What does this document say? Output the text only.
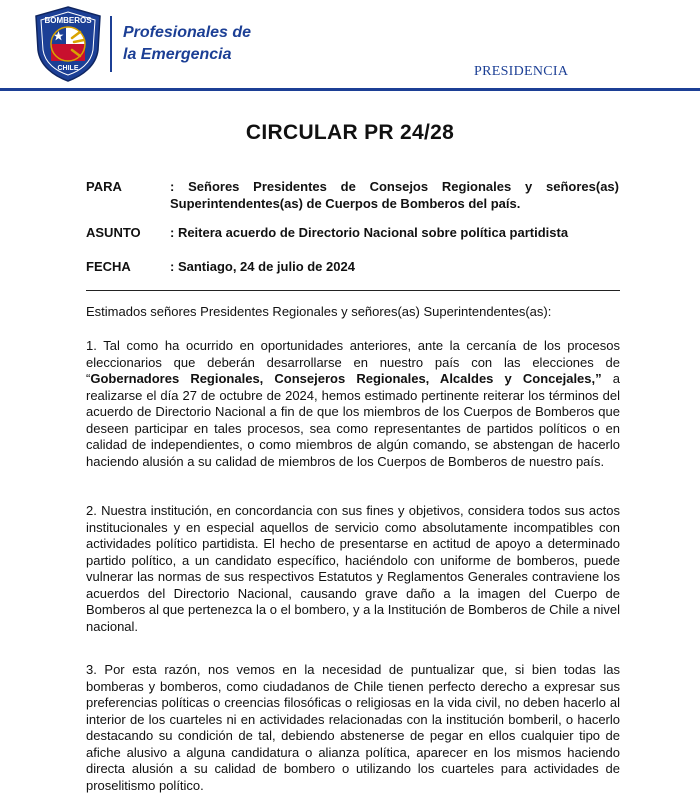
BOMBEROS
CHILE
Profesionales de
la Emergencia
PRESIDENCIA
CIRCULAR PR 24/28
PARA	: Señores Presidentes de Consejos Regionales y señores(as)
Superintendentes(as) de Cuerpos de Bomberos del país.
ASUNTO	: Reitera acuerdo de Directorio Nacional sobre política partidista
FECHA	: Santiago, 24 de julio de 2024
Estimados señores Presidentes Regionales y señores(as) Superintendentes(as):
1. Tal como ha ocurrido en oportunidades anteriores, ante la cercanía de los procesos eleccionarios que deberán desarrollarse en nuestro país con las elecciones de “Gobernadores Regionales, Consejeros Regionales, Alcaldes y Concejales,” a realizarse el día 27 de octubre de 2024, hemos estimado pertinente reiterar los términos del acuerdo de Directorio Nacional a fin de que los miembros de los Cuerpos de Bomberos que deseen participar en tales procesos, sea como representantes de partidos políticos o en calidad de independientes, o como miembros de algún comando, se abstengan de hacerlo haciendo alusión a su calidad de miembros de los Cuerpos de Bomberos de nuestro país.
2. Nuestra institución, en concordancia con sus fines y objetivos, considera todos sus actos institucionales y en especial aquellos de servicio como absolutamente incompatibles con actividades político partidista. El hecho de presentarse en actitud de apoyo a determinado partido político, a un candidato específico, haciéndolo con uniforme de bomberos, puede vulnerar las normas de sus respectivos Estatutos y Reglamentos Generales contraviene los acuerdos del Directorio Nacional, causando grave daño a la imagen del Cuerpo de Bomberos al que pertenezca la o el bombero, y a la Institución de Bomberos de Chile a nivel nacional.
3. Por esta razón, nos vemos en la necesidad de puntualizar que, si bien todas las bomberas y bomberos, como ciudadanos de Chile tienen perfecto derecho a expresar sus preferencias políticas o creencias filosóficas o religiosas en la vida civil, no deben hacerlo al interior de los cuarteles ni en actividades relacionadas con la institución bomberil, o hacerlo destacando su condición de tal, debiendo abstenerse de pegar en ellos cualquier tipo de afiche alusivo a alguna candidatura o alianza política, aparecer en los mismos haciendo directa alusión a su calidad de bombero o utilizando los cuarteles para actividades de proselitismo político.
